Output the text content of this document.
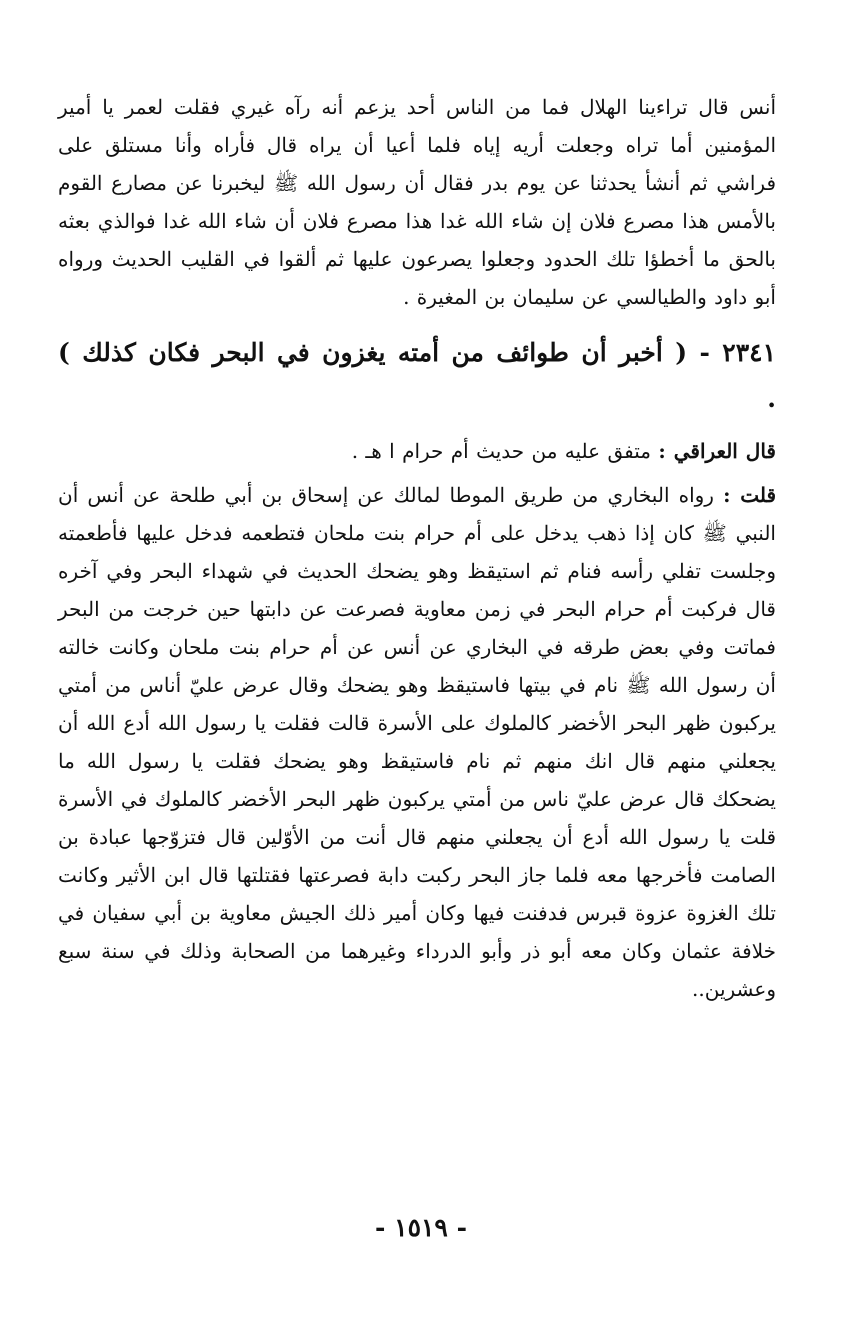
أنس قال تراءينا الهلال فما من الناس أحد يزعم أنه رآه غيري فقلت لعمر يا أمير المؤمنين أما تراه وجعلت أريه إياه فلما أعيا أن يراه قال فأراه وأنا مستلق على فراشي ثم أنشأ يحدثنا عن يوم بدر فقال أن رسول الله ﷺ ليخبرنا عن مصارع القوم بالأمس هذا مصرع فلان إن شاء الله غدا هذا مصرع فلان أن شاء الله غدا فوالذي بعثه بالحق ما أخطؤا تلك الحدود وجعلوا يصرعون عليها ثم ألقوا في القليب الحديث ورواه أبو داود والطيالسي عن سليمان بن المغيرة .

٢٣٤١ - ( أخبر أن طوائف من أمته يغزون في البحر فكان كذلك ) .

قال العراقي : متفق عليه من حديث أم حرام ا هـ .

قلت : رواه البخاري من طريق الموطا لمالك عن إسحاق بن أبي طلحة عن أنس أن النبي ﷺ كان إذا ذهب يدخل على أم حرام بنت ملحان فتطعمه فدخل عليها فأطعمته وجلست تفلي رأسه فنام ثم استيقظ وهو يضحك الحديث في شهداء البحر وفي آخره قال فركبت أم حرام البحر في زمن معاوية فصرعت عن دابتها حين خرجت من البحر فماتت وفي بعض طرقه في البخاري عن أنس عن أم حرام بنت ملحان وكانت خالته أن رسول الله ﷺ نام في بيتها فاستيقظ وهو يضحك وقال عرض عليّ أناس من أمتي يركبون ظهر البحر الأخضر كالملوك على الأسرة قالت فقلت يا رسول الله أدع الله أن يجعلني منهم قال انك منهم ثم نام فاستيقظ وهو يضحك فقلت يا رسول الله ما يضحكك قال عرض عليّ ناس من أمتي يركبون ظهر البحر الأخضر كالملوك في الأسرة قلت يا رسول الله أدع أن يجعلني منهم قال أنت من الأوّلين قال فتزوّجها عبادة بن الصامت فأخرجها معه فلما جاز البحر ركبت دابة فصرعتها فقتلتها قال ابن الأثير وكانت تلك الغزوة عزوة قبرس فدفنت فيها وكان أمير ذلك الجيش معاوية بن أبي سفيان في خلافة عثمان وكان معه أبو ذر وأبو الدرداء وغيرهما من الصحابة وذلك في سنة سبع وعشرين..

- ١٥١٩ -
